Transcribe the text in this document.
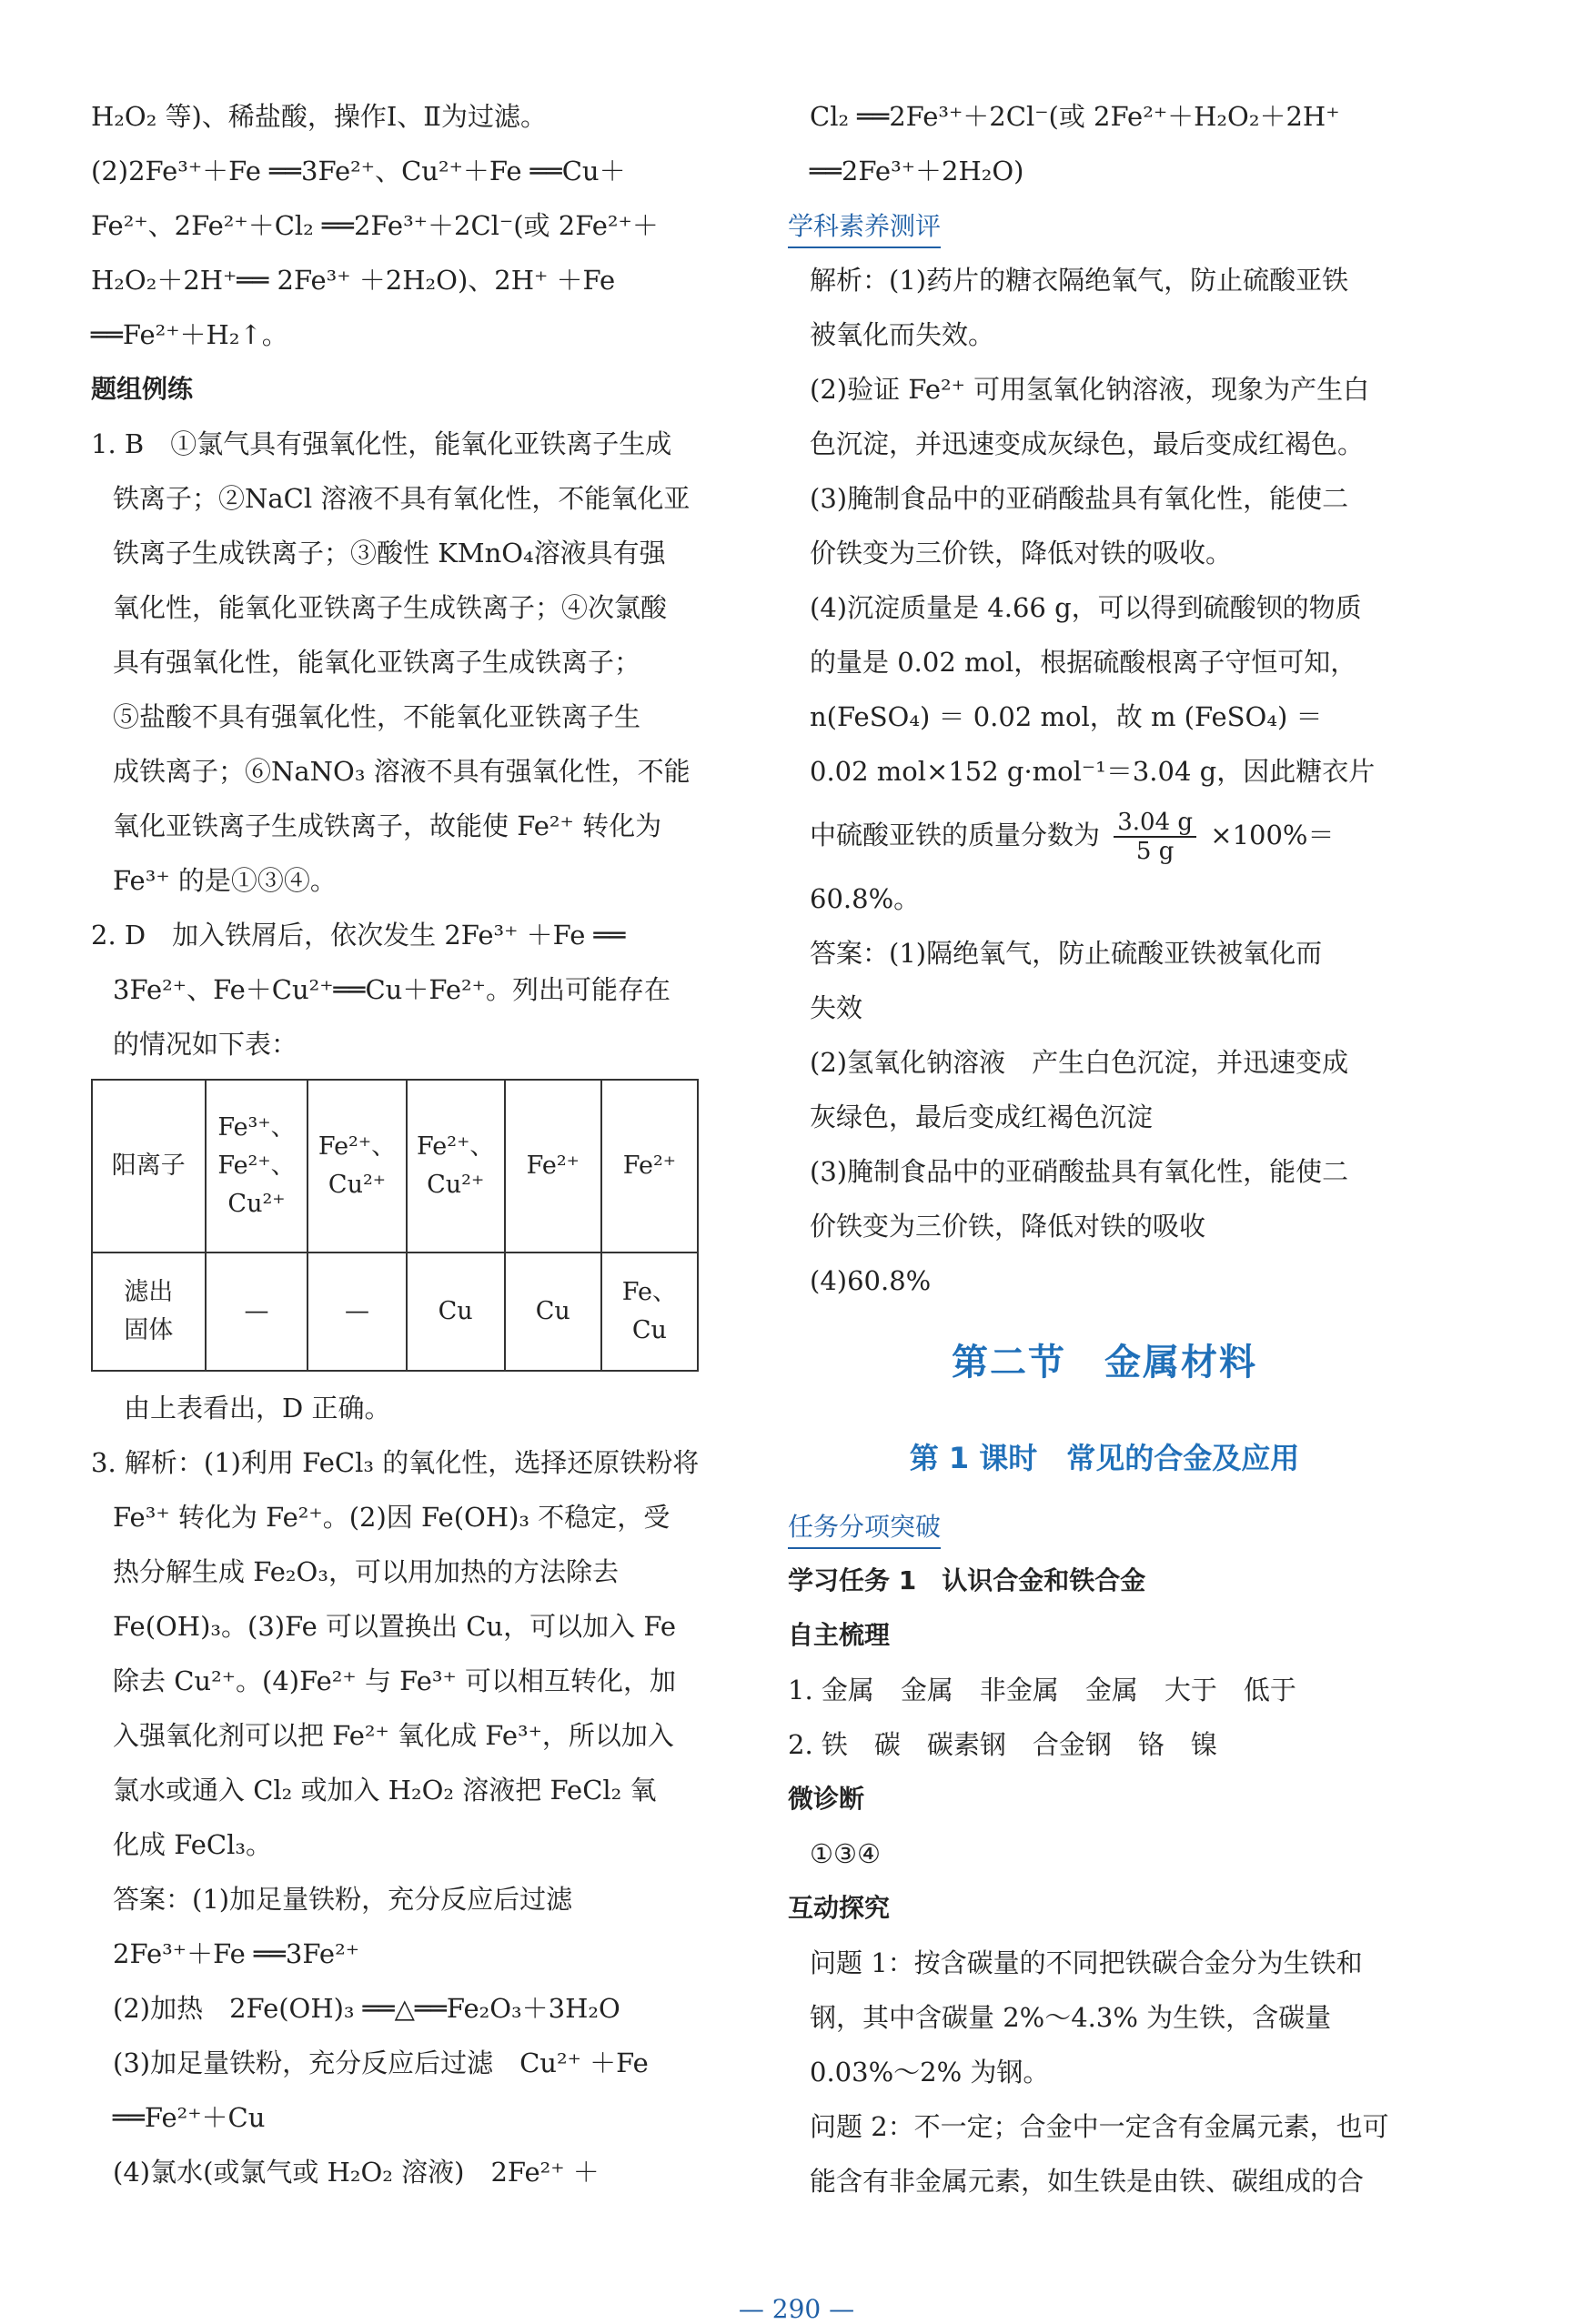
H₂O₂ 等)、稀盐酸，操作Ⅰ、Ⅱ为过滤。
(2)2Fe³⁺＋Fe ══3Fe²⁺、Cu²⁺＋Fe ══Cu＋
Fe²⁺、2Fe²⁺＋Cl₂ ══2Fe³⁺＋2Cl⁻(或 2Fe²⁺＋
H₂O₂＋2H⁺══ 2Fe³⁺ ＋2H₂O)、2H⁺ ＋Fe
══Fe²⁺＋H₂↑。
题组例练
1. B　①氯气具有强氧化性，能氧化亚铁离子生成
铁离子；②NaCl 溶液不具有氧化性，不能氧化亚
铁离子生成铁离子；③酸性 KMnO₄溶液具有强
氧化性，能氧化亚铁离子生成铁离子；④次氯酸
具有强氧化性，能氧化亚铁离子生成铁离子；
⑤盐酸不具有强氧化性，不能氧化亚铁离子生
成铁离子；⑥NaNO₃ 溶液不具有强氧化性，不能
氧化亚铁离子生成铁离子，故能使 Fe²⁺ 转化为
Fe³⁺ 的是①③④。
2. D　加入铁屑后，依次发生 2Fe³⁺ ＋Fe ══
3Fe²⁺、Fe＋Cu²⁺══Cu＋Fe²⁺。列出可能存在
的情况如下表：
阳离子	Fe³⁺、
Fe²⁺、
Cu²⁺	Fe²⁺、
Cu²⁺	Fe²⁺、
Cu²⁺	Fe²⁺	Fe²⁺
滤出
固体	—	—	Cu	Cu	Fe、Cu
由上表看出，D 正确。
3. 解析：(1)利用 FeCl₃ 的氧化性，选择还原铁粉将
Fe³⁺ 转化为 Fe²⁺。(2)因 Fe(OH)₃ 不稳定，受
热分解生成 Fe₂O₃，可以用加热的方法除去
Fe(OH)₃。(3)Fe 可以置换出 Cu，可以加入 Fe
除去 Cu²⁺。(4)Fe²⁺ 与 Fe³⁺ 可以相互转化，加
入强氧化剂可以把 Fe²⁺ 氧化成 Fe³⁺，所以加入
氯水或通入 Cl₂ 或加入 H₂O₂ 溶液把 FeCl₂ 氧
化成 FeCl₃。
答案：(1)加足量铁粉，充分反应后过滤
2Fe³⁺＋Fe ══3Fe²⁺
(2)加热　2Fe(OH)₃ ══△══Fe₂O₃＋3H₂O
(3)加足量铁粉，充分反应后过滤　Cu²⁺ ＋Fe
══Fe²⁺＋Cu
(4)氯水(或氯气或 H₂O₂ 溶液)　2Fe²⁺ ＋
Cl₂ ══2Fe³⁺＋2Cl⁻(或 2Fe²⁺＋H₂O₂＋2H⁺
══2Fe³⁺＋2H₂O)
学科素养测评
解析：(1)药片的糖衣隔绝氧气，防止硫酸亚铁
被氧化而失效。
(2)验证 Fe²⁺ 可用氢氧化钠溶液，现象为产生白
色沉淀，并迅速变成灰绿色，最后变成红褐色。
(3)腌制食品中的亚硝酸盐具有氧化性，能使二
价铁变为三价铁，降低对铁的吸收。
(4)沉淀质量是 4.66 g，可以得到硫酸钡的物质
的量是 0.02 mol，根据硫酸根离子守恒可知，
n(FeSO₄) ＝ 0.02 mol，故 m (FeSO₄) ＝
0.02 mol×152 g·mol⁻¹＝3.04 g，因此糖衣片
中硫酸亚铁的质量分数为 $\frac{3.04 g}{5 g} \times 100\%=$
60.8%。
答案：(1)隔绝氧气，防止硫酸亚铁被氧化而
失效
(2)氢氧化钠溶液　产生白色沉淀，并迅速变成
灰绿色，最后变成红褐色沉淀
(3)腌制食品中的亚硝酸盐具有氧化性，能使二
价铁变为三价铁，降低对铁的吸收
(4)60.8%
第二节　金属材料
第 1 课时　常见的合金及应用
任务分项突破
学习任务 1　认识合金和铁合金
自主梳理
1. 金属　金属　非金属　金属　大于　低于
2. 铁　碳　碳素钢　合金钢　铬　镍
微诊断
①③④
互动探究
问题 1：按含碳量的不同把铁碳合金分为生铁和
钢，其中含碳量 2%～4.3% 为生铁，含碳量
0.03%～2% 为钢。
问题 2：不一定；合金中一定含有金属元素，也可
能含有非金属元素，如生铁是由铁、碳组成的合
— 290 —
